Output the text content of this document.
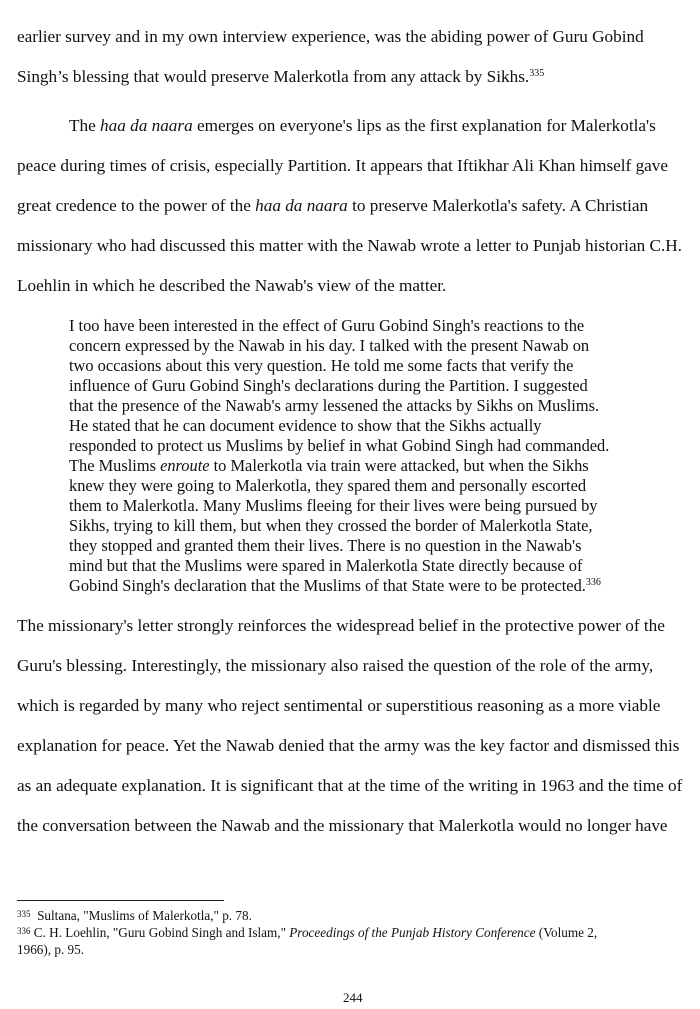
earlier survey and in my own interview experience, was the abiding power of Guru Gobind
Singh’s blessing that would preserve Malerkotla from any attack by Sikhs.$^{335}$
The haa da naara emerges on everyone's lips as the first explanation for Malerkotla's
peace during times of crisis, especially Partition. It appears that Iftikhar Ali Khan himself gave
great credence to the power of the haa da naara to preserve Malerkotla's safety. A Christian
missionary who had discussed this matter with the Nawab wrote a letter to Punjab historian C.H.
Loehlin in which he described the Nawab's view of the matter.
I too have been interested in the effect of Guru Gobind Singh's reactions to the
concern expressed by the Nawab in his day. I talked with the present Nawab on
two occasions about this very question. He told me some facts that verify the
influence of Guru Gobind Singh's declarations during the Partition. I suggested
that the presence of the Nawab's army lessened the attacks by Sikhs on Muslims.
He stated that he can document evidence to show that the Sikhs actually
responded to protect us Muslims by belief in what Gobind Singh had commanded.
The Muslims enroute to Malerkotla via train were attacked, but when the Sikhs
knew they were going to Malerkotla, they spared them and personally escorted
them to Malerkotla. Many Muslims fleeing for their lives were being pursued by
Sikhs, trying to kill them, but when they crossed the border of Malerkotla State,
they stopped and granted them their lives. There is no question in the Nawab's
mind but that the Muslims were spared in Malerkotla State directly because of
Gobind Singh's declaration that the Muslims of that State were to be protected.$^{336}$
The missionary's letter strongly reinforces the widespread belief in the protective power of the
Guru's blessing. Interestingly, the missionary also raised the question of the role of the army,
which is regarded by many who reject sentimental or superstitious reasoning as a more viable
explanation for peace. Yet the Nawab denied that the army was the key factor and dismissed this
as an adequate explanation. It is significant that at the time of the writing in 1963 and the time of
the conversation between the Nawab and the missionary that Malerkotla would no longer have
$^{335}$  Sultana, "Muslims of Malerkotla," p. 78.
$^{336}$ C. H. Loehlin, "Guru Gobind Singh and Islam," Proceedings of the Punjab History Conference (Volume 2,
1966), p. 95.
244
